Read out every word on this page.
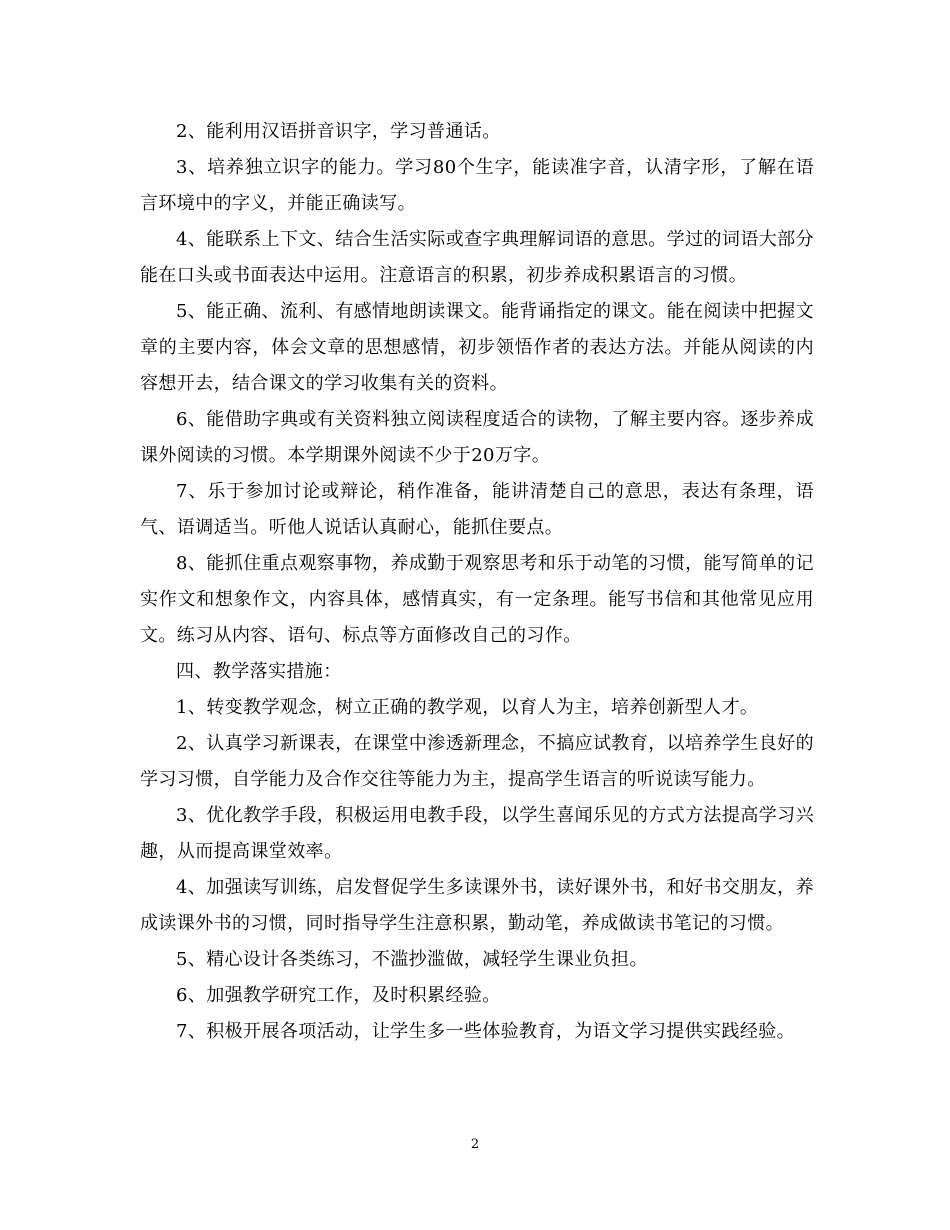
2、能利用汉语拼音识字，学习普通话。

3、培养独立识字的能力。学习80个生字，能读准字音，认清字形，了解在语言环境中的字义，并能正确读写。

4、能联系上下文、结合生活实际或查字典理解词语的意思。学过的词语大部分能在口头或书面表达中运用。注意语言的积累，初步养成积累语言的习惯。

5、能正确、流利、有感情地朗读课文。能背诵指定的课文。能在阅读中把握文章的主要内容，体会文章的思想感情，初步领悟作者的表达方法。并能从阅读的内容想开去，结合课文的学习收集有关的资料。

6、能借助字典或有关资料独立阅读程度适合的读物，了解主要内容。逐步养成课外阅读的习惯。本学期课外阅读不少于20万字。

7、乐于参加讨论或辩论，稍作准备，能讲清楚自己的意思，表达有条理，语气、语调适当。听他人说话认真耐心，能抓住要点。

8、能抓住重点观察事物，养成勤于观察思考和乐于动笔的习惯，能写简单的记实作文和想象作文，内容具体，感情真实，有一定条理。能写书信和其他常见应用文。练习从内容、语句、标点等方面修改自己的习作。

四、教学落实措施：

1、转变教学观念，树立正确的教学观，以育人为主，培养创新型人才。

2、认真学习新课表，在课堂中渗透新理念，不搞应试教育，以培养学生良好的学习习惯，自学能力及合作交往等能力为主，提高学生语言的听说读写能力。

3、优化教学手段，积极运用电教手段，以学生喜闻乐见的方式方法提高学习兴趣，从而提高课堂效率。

4、加强读写训练，启发督促学生多读课外书，读好课外书，和好书交朋友，养成读课外书的习惯，同时指导学生注意积累，勤动笔，养成做读书笔记的习惯。

5、精心设计各类练习，不滥抄滥做，减轻学生课业负担。

6、加强教学研究工作，及时积累经验。

7、积极开展各项活动，让学生多一些体验教育，为语文学习提供实践经验。

2
